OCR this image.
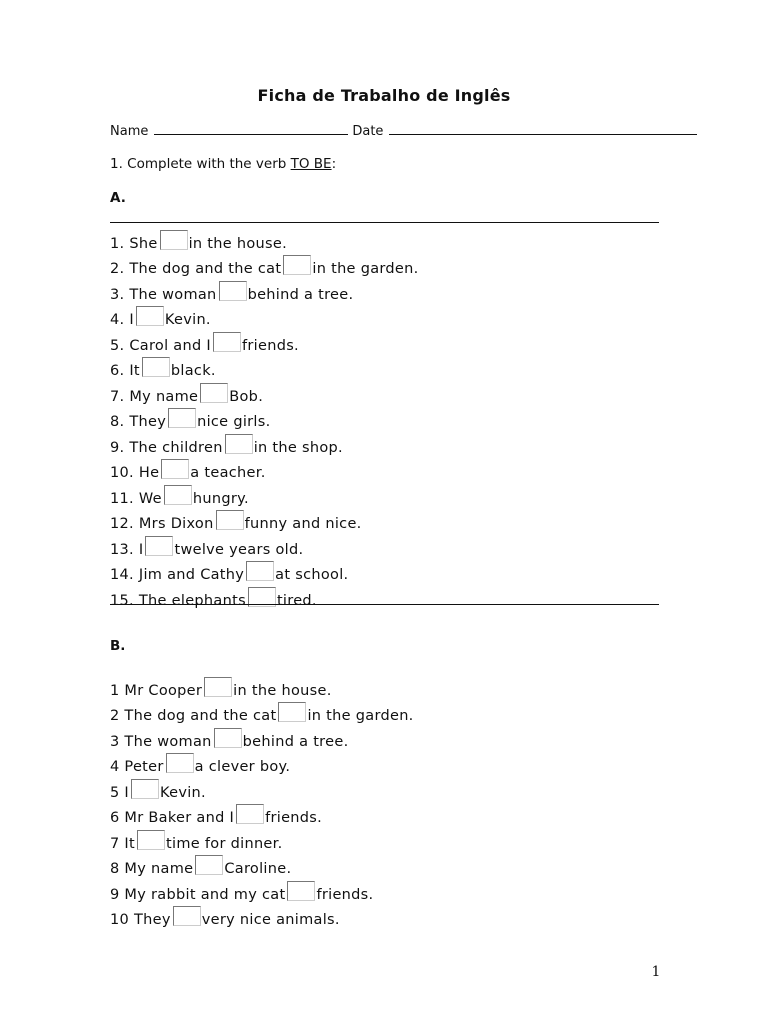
Ficha de Trabalho de Inglês
Name	Date
1. Complete with the verb TO BE:
A.
1. She in the house.
2. The dog and the cat in the garden.
3. The woman behind a tree.
4. I Kevin.
5. Carol and I friends.
6. It black.
7. My name Bob.
8. They nice girls.
9. The children in the shop.
10. He a teacher.
11. We hungry.
12. Mrs Dixon funny and nice.
13. I twelve years old.
14. Jim and Cathy at school.
15. The elephants tired.
B.
1 Mr Cooper in the house.
2 The dog and the cat in the garden.
3 The woman behind a tree.
4 Peter a clever boy.
5 I Kevin.
6 Mr Baker and I friends.
7 It time for dinner.
8 My name Caroline.
9 My rabbit and my cat friends.
10 They very nice animals.
1
